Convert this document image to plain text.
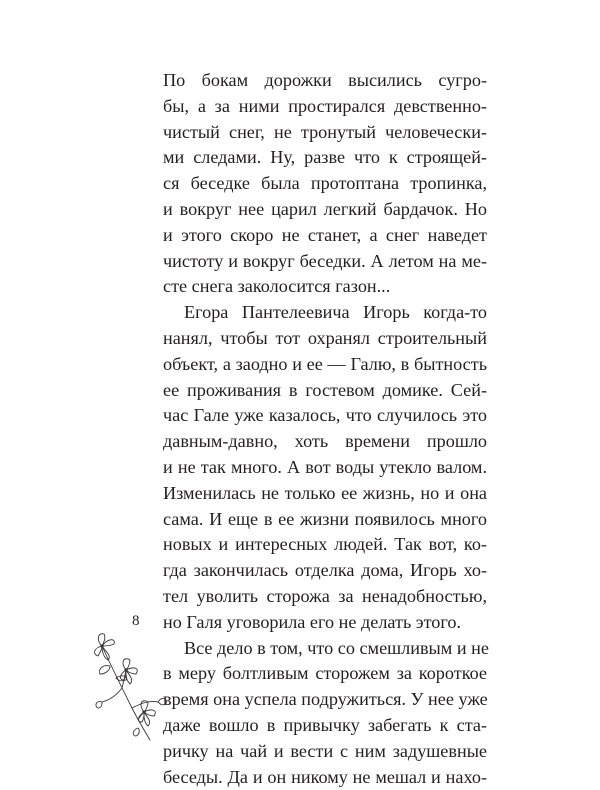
По бокам дорожки высились сугро-
бы, а за ними простирался девственно-
чистый снег, не тронутый человечески-
ми следами. Ну, разве что к строящей-
ся беседке была протоптана тропинка,
и вокруг нее царил легкий бардачок. Но
и этого скоро не станет, а снег наведет
чистоту и вокруг беседки. А летом на ме-
сте снега заколосится газон...
Егора Пантелеевича Игорь когда-то
нанял, чтобы тот охранял строительный
объект, а заодно и ее — Галю, в бытность
ее проживания в гостевом домике. Сей-
час Гале уже казалось, что случилось это
давным-давно, хоть времени прошло
и не так много. А вот воды утекло валом.
Изменилась не только ее жизнь, но и она
сама. И еще в ее жизни появилось много
новых и интересных людей. Так вот, ко-
гда закончилась отделка дома, Игорь хо-
тел уволить сторожа за ненадобностью,
но Галя уговорила его не делать этого.
Все дело в том, что со смешливым и не
в меру болтливым сторожем за короткое
время она успела подружиться. У нее уже
даже вошло в привычку забегать к ста-
ричку на чай и вести с ним задушевные
беседы. Да и он никому не мешал и нахо-
8
